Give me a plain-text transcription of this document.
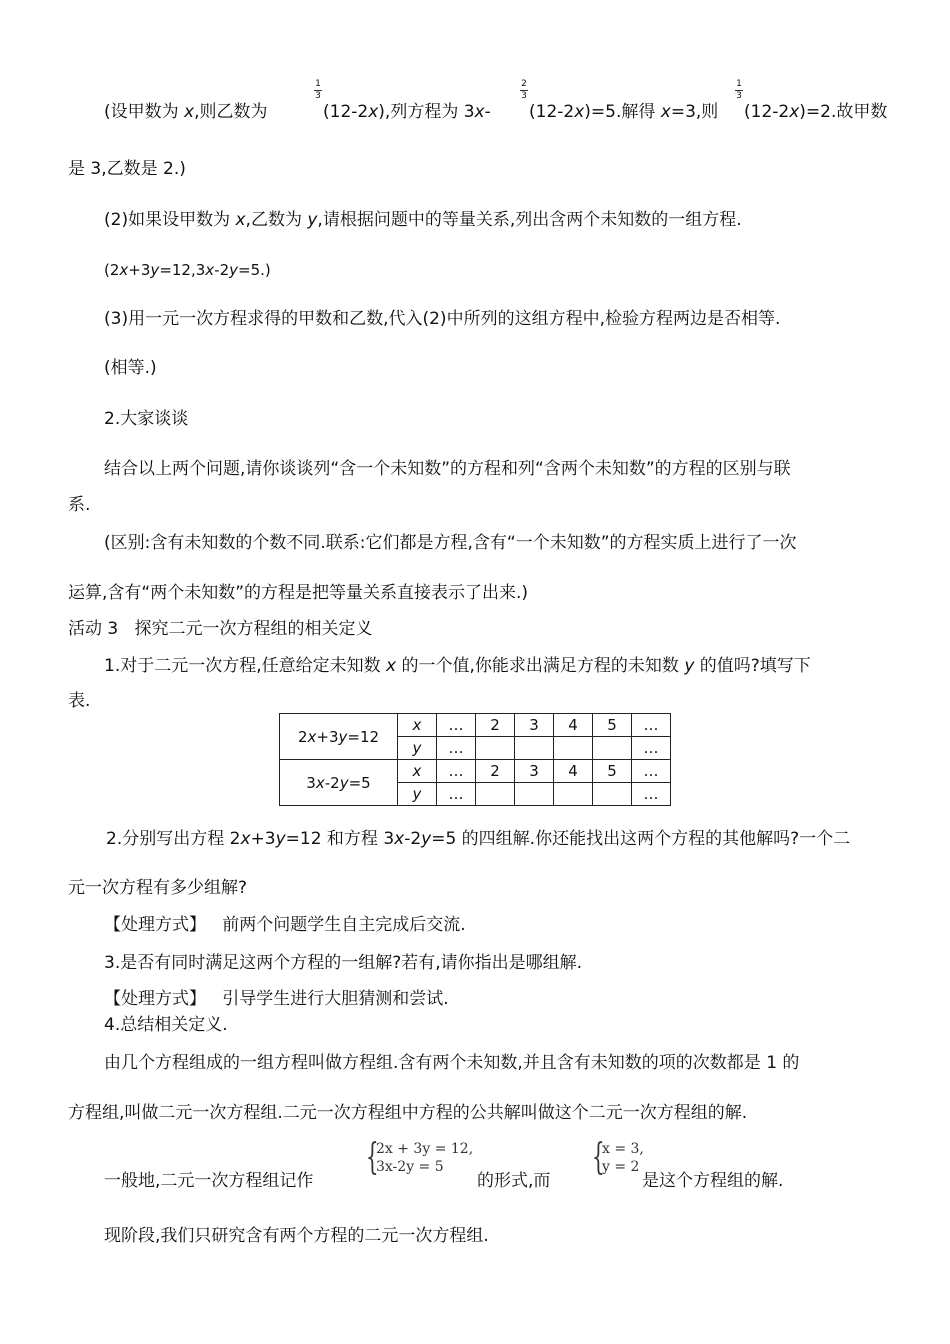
(设甲数为 x,则乙数为
1
3
(12-2x),列方程为 3x-
2
3
(12-2x)=5.解得 x=3,则
1
3
(12-2x)=2.故甲数
是 3,乙数是 2.)
(2)如果设甲数为 x,乙数为 y,请根据问题中的等量关系,列出含两个未知数的一组方程.
(2x+3y=12,3x-2y=5.)
(3)用一元一次方程求得的甲数和乙数,代入(2)中所列的这组方程中,检验方程两边是否相等.
(相等.)
2.大家谈谈
结合以上两个问题,请你谈谈列“含一个未知数”的方程和列“含两个未知数”的方程的区别与联
系.
(区别:含有未知数的个数不同.联系:它们都是方程,含有“一个未知数”的方程实质上进行了一次
运算,含有“两个未知数”的方程是把等量关系直接表示了出来.)
活动 3 探究二元一次方程组的相关定义
1.对于二元一次方程,任意给定未知数 x 的一个值,你能求出满足方程的未知数 y 的值吗?填写下
表.
2x+3y=12	x	…	2	3	4	5	…
	y	…					…
3x-2y=5	x	…	2	3	4	5	…
	y	…					…
2.分别写出方程 2x+3y=12 和方程 3x-2y=5 的四组解.你还能找出这两个方程的其他解吗?一个二
元一次方程有多少组解?
【处理方式】 前两个问题学生自主完成后交流.
3.是否有同时满足这两个方程的一组解?若有,请你指出是哪组解.
【处理方式】 引导学生进行大胆猜测和尝试.
4.总结相关定义.
由几个方程组成的一组方程叫做方程组.含有两个未知数,并且含有未知数的项的次数都是 1 的
方程组,叫做二元一次方程组.二元一次方程组中方程的公共解叫做这个二元一次方程组的解.
一般地,二元一次方程组记作
{
2x + 3y = 12,
3x-2y = 5
的形式,而
{
x = 3,
y = 2
是这个方程组的解.
现阶段,我们只研究含有两个方程的二元一次方程组.
